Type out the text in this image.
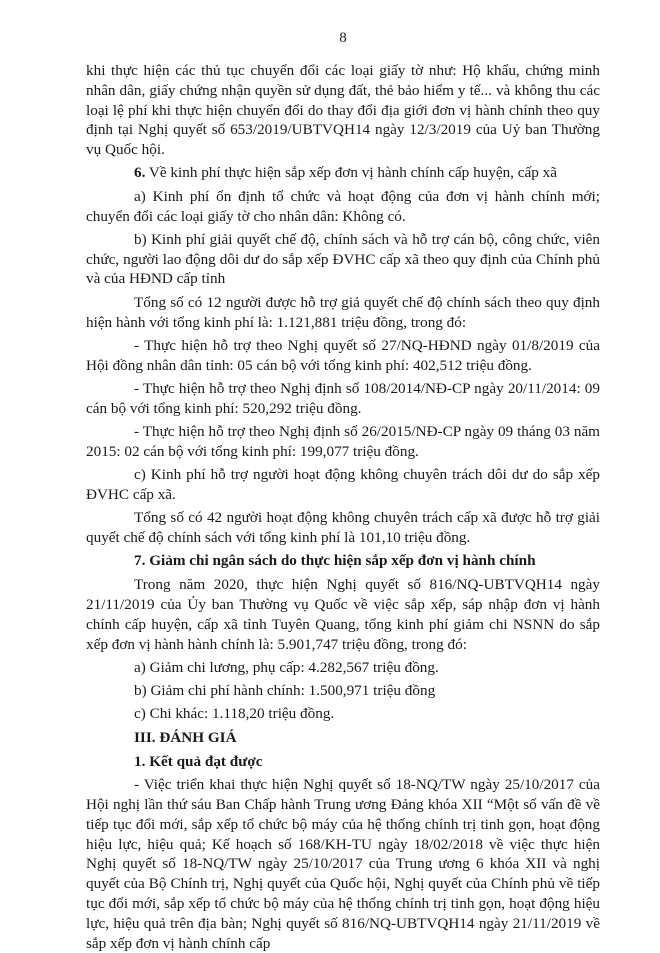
8

khi thực hiện các thủ tục chuyển đổi các loại giấy tờ như: Hộ khẩu, chứng minh nhân dân, giấy chứng nhận quyền sử dụng đất, thẻ bảo hiểm y tế... và không thu các loại lệ phí khi thực hiện chuyển đổi do thay đổi địa giới đơn vị hành chính theo quy định tại Nghị quyết số 653/2019/UBTVQH14 ngày 12/3/2019 của Uỷ ban Thường vụ Quốc hội.

6. Về kinh phí thực hiện sắp xếp đơn vị hành chính cấp huyện, cấp xã

a) Kinh phí ổn định tổ chức và hoạt động của đơn vị hành chính mới; chuyển đổi các loại giấy tờ cho nhân dân: Không có.

b) Kinh phí giải quyết chế độ, chính sách và hỗ trợ cán bộ, công chức, viên chức, người lao động dôi dư do sắp xếp ĐVHC cấp xã theo quy định của Chính phủ và của HĐND cấp tỉnh

Tổng số có 12 người được hỗ trợ giả quyết chế độ chính sách theo quy định hiện hành với tổng kinh phí là: 1.121,881 triệu đồng, trong đó:

- Thực hiện hỗ trợ theo Nghị quyết số 27/NQ-HĐND ngày 01/8/2019 của Hội đồng nhân dân tỉnh: 05 cán bộ với tổng kinh phí: 402,512 triệu đồng.

- Thực hiện hỗ trợ theo Nghị định số 108/2014/NĐ-CP ngày 20/11/2014: 09 cán bộ với tổng kinh phí: 520,292 triệu đồng.

- Thực hiện hỗ trợ theo Nghị định số 26/2015/NĐ-CP ngày 09 tháng 03 năm 2015: 02 cán bộ với tổng kinh phí: 199,077 triệu đồng.

c) Kinh phí hỗ trợ người hoạt động không chuyên trách dôi dư do sắp xếp ĐVHC cấp xã.

Tổng số có 42 người hoạt động không chuyên trách cấp xã được hỗ trợ giải quyết chế độ chính sách với tổng kinh phí là 101,10 triệu đồng.

7. Giảm chi ngân sách do thực hiện sắp xếp đơn vị hành chính

Trong năm 2020, thực hiện Nghị quyết số 816/NQ-UBTVQH14 ngày 21/11/2019 của Ủy ban Thường vụ Quốc về việc sắp xếp, sáp nhập đơn vị hành chính cấp huyện, cấp xã tỉnh Tuyên Quang, tổng kinh phí giảm chi NSNN do sắp xếp đơn vị hành hành chính là: 5.901,747 triệu đồng, trong đó:

a) Giảm chi lương, phụ cấp: 4.282,567 triệu đồng.

b) Giảm chi phí hành chính: 1.500,971 triệu đồng

c) Chi khác: 1.118,20 triệu đồng.

III. ĐÁNH GIÁ

1. Kết quả đạt được

- Việc triển khai thực hiện Nghị quyết số 18-NQ/TW ngày 25/10/2017 của Hội nghị lần thứ sáu Ban Chấp hành Trung ương Đảng khóa XII “Một số vấn đề về tiếp tục đổi mới, sắp xếp tổ chức bộ máy của hệ thống chính trị tinh gọn, hoạt động hiệu lực, hiệu quả; Kế hoạch số 168/KH-TU ngày 18/02/2018 về việc thực hiện Nghị quyết số 18-NQ/TW ngày 25/10/2017 của Trung ương 6 khóa XII và nghị quyết của Bộ Chính trị, Nghị quyết của Quốc hội, Nghị quyết của Chính phủ về tiếp tục đổi mới, sắp xếp tổ chức bộ máy của hệ thống chính trị tinh gọn, hoạt động hiệu lực, hiệu quả trên địa bàn; Nghị quyết số 816/NQ-UBTVQH14 ngày 21/11/2019 về sắp xếp đơn vị hành chính cấp
